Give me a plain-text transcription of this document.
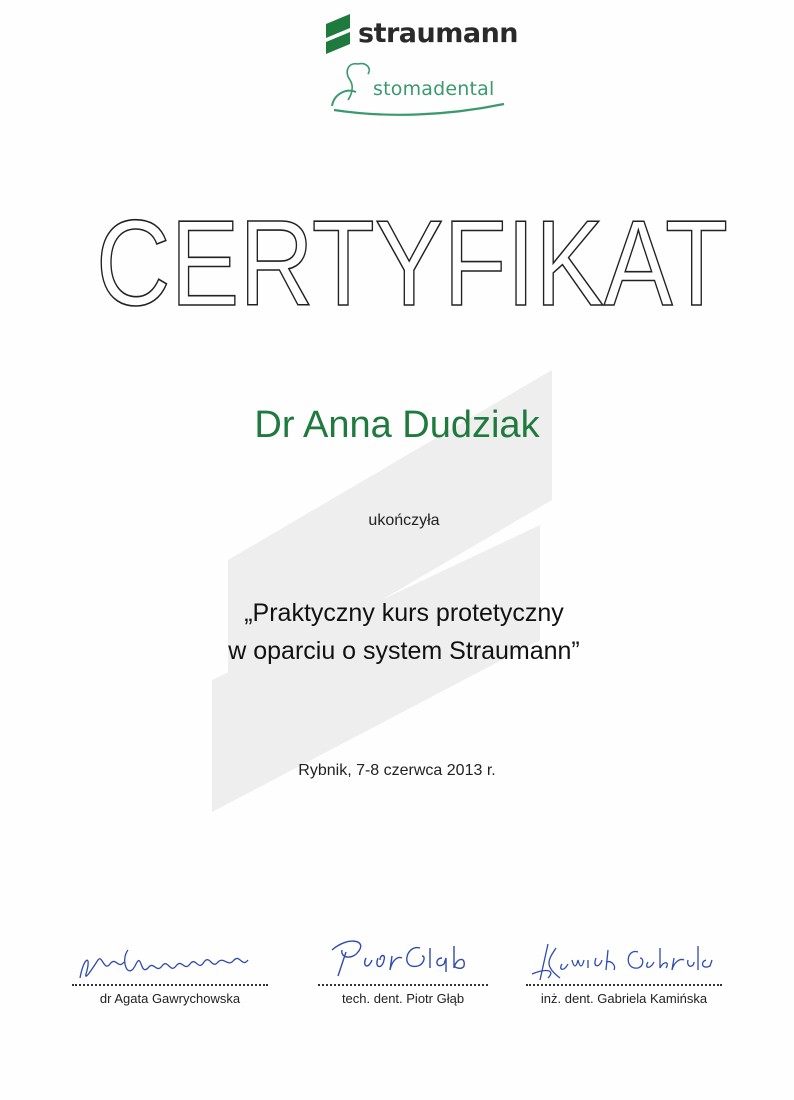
straumann
stomadental
CERTYFIKAT
Dr Anna Dudziak
ukończyła
„Praktyczny kurs protetyczny
w oparciu o system Straumann”
Rybnik, 7-8 czerwca 2013 r.
dr Agata Gawrychowska	tech. dent. Piotr Głąb	inż. dent. Gabriela Kamińska
